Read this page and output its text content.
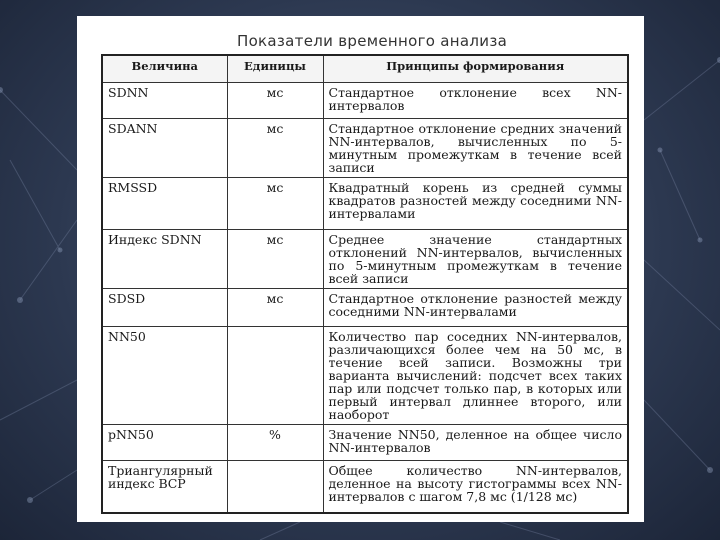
Показатели временного анализа
Величина	Единицы	Принципы формирования
SDNN	мс	Стандартное отклонение всех NN-интервалов
SDANN	мс	Стандартное отклонение средних значений NN-интервалов, вычисленных по 5-минутным промежуткам в течение всей записи
RMSSD	мс	Квадратный корень из средней суммы квадратов разностей между соседними NN-интервалами
Индекс SDNN	мс	Среднее значение стандартных отклонений NN-интервалов, вычисленных по 5-минутным промежуткам в течение всей записи
SDSD	мс	Стандартное отклонение разностей между соседними NN-интервалами
NN50		Количество пар соседних NN-интервалов, различающихся более чем на 50 мс, в течение всей записи. Возможны три варианта вычислений: подсчет всех таких пар или подсчет только пар, в которых или первый интервал длиннее второго, или наоборот
pNN50	%	Значение NN50, деленное на общее число NN-интервалов
Триангулярный индекс ВСР		Общее количество NN-интервалов, деленное на высоту гистограммы всех NN-интервалов с шагом 7,8 мс (1/128 мс)
